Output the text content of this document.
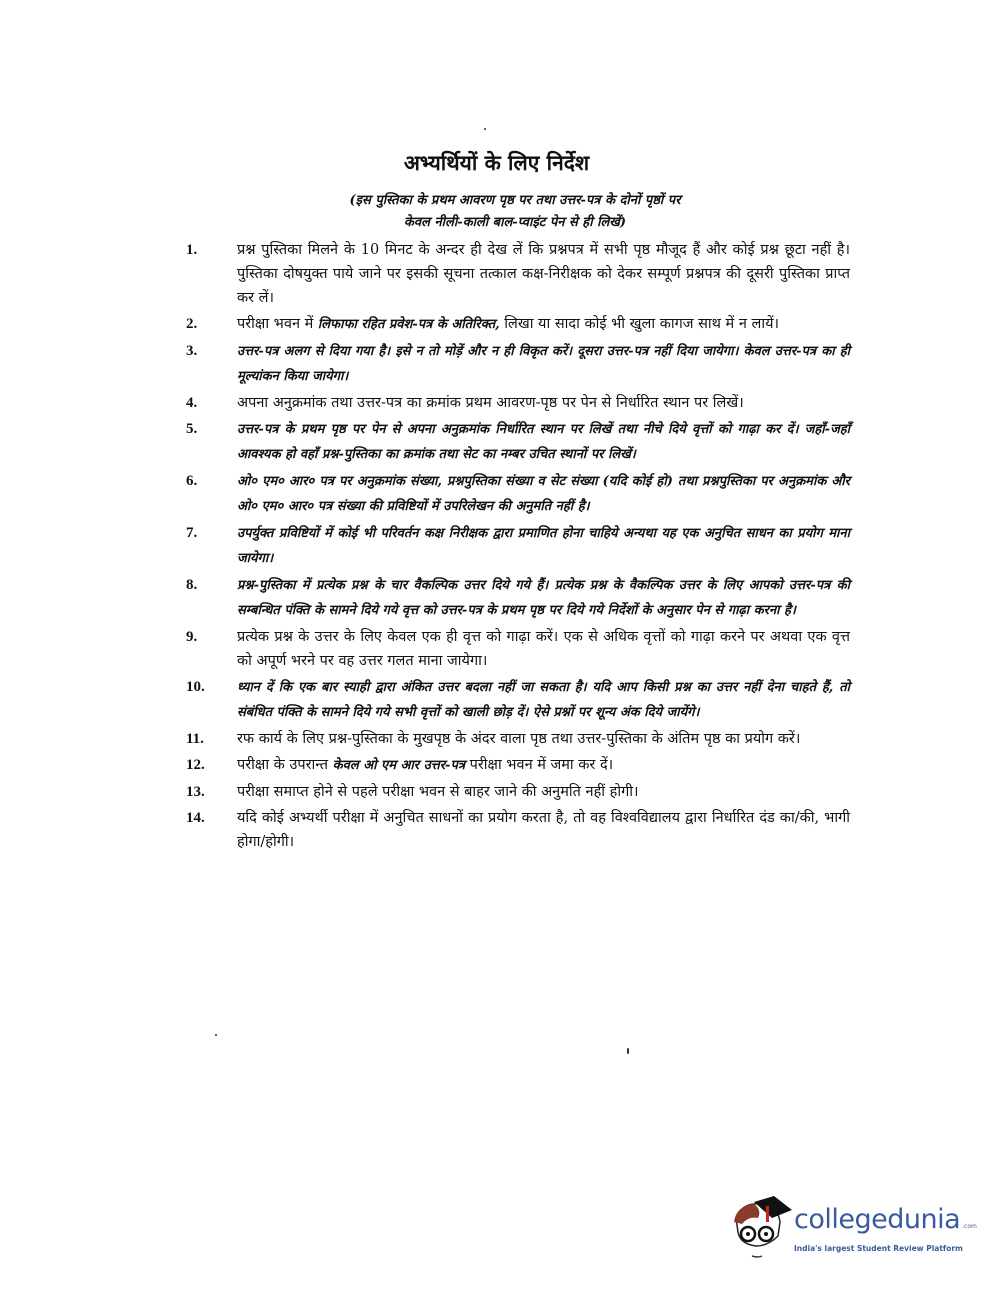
अभ्यर्थियों के लिए निर्देश
(इस पुस्तिका के प्रथम आवरण पृष्ठ पर तथा उत्तर-पत्र के दोनों पृष्ठों पर
केवल नीली-काली बाल-प्वाइंट पेन से ही लिखें)
1.	प्रश्न पुस्तिका मिलने के 10 मिनट के अन्दर ही देख लें कि प्रश्नपत्र में सभी पृष्ठ मौजूद हैं और कोई प्रश्न छूटा नहीं है। पुस्तिका दोषयुक्त पाये जाने पर इसकी सूचना तत्काल कक्ष-निरीक्षक को देकर सम्पूर्ण प्रश्नपत्र की दूसरी पुस्तिका प्राप्त कर लें।
2.	परीक्षा भवन में लिफाफा रहित प्रवेश-पत्र के अतिरिक्त, लिखा या सादा कोई भी खुला कागज साथ में न लायें।
3.	उत्तर-पत्र अलग से दिया गया है। इसे न तो मोड़ें और न ही विकृत करें। दूसरा उत्तर-पत्र नहीं दिया जायेगा। केवल उत्तर-पत्र का ही मूल्यांकन किया जायेगा।
4.	अपना अनुक्रमांक तथा उत्तर-पत्र का क्रमांक प्रथम आवरण-पृष्ठ पर पेन से निर्धारित स्थान पर लिखें।
5.	उत्तर-पत्र के प्रथम पृष्ठ पर पेन से अपना अनुक्रमांक निर्धारित स्थान पर लिखें तथा नीचे दिये वृत्तों को गाढ़ा कर दें। जहाँ-जहाँ आवश्यक हो वहाँ प्रश्न-पुस्तिका का क्रमांक तथा सेट का नम्बर उचित स्थानों पर लिखें।
6.	ओ० एम० आर० पत्र पर अनुक्रमांक संख्या, प्रश्नपुस्तिका संख्या व सेट संख्या (यदि कोई हो) तथा प्रश्नपुस्तिका पर अनुक्रमांक और ओ० एम० आर० पत्र संख्या की प्रविष्टियों में उपरिलेखन की अनुमति नहीं है।
7.	उपर्युक्त प्रविष्टियों में कोई भी परिवर्तन कक्ष निरीक्षक द्वारा प्रमाणित होना चाहिये अन्यथा यह एक अनुचित साधन का प्रयोग माना जायेगा।
8.	प्रश्न-पुस्तिका में प्रत्येक प्रश्न के चार वैकल्पिक उत्तर दिये गये हैं। प्रत्येक प्रश्न के वैकल्पिक उत्तर के लिए आपको उत्तर-पत्र की सम्बन्धित पंक्ति के सामने दिये गये वृत्त को उत्तर-पत्र के प्रथम पृष्ठ पर दिये गये निर्देशों के अनुसार पेन से गाढ़ा करना है।
9.	प्रत्येक प्रश्न के उत्तर के लिए केवल एक ही वृत्त को गाढ़ा करें। एक से अधिक वृत्तों को गाढ़ा करने पर अथवा एक वृत्त को अपूर्ण भरने पर वह उत्तर गलत माना जायेगा।
10. ध्यान दें कि एक बार स्याही द्वारा अंकित उत्तर बदला नहीं जा सकता है। यदि आप किसी प्रश्न का उत्तर नहीं देना चाहते हैं, तो संबंधित पंक्ति के सामने दिये गये सभी वृत्तों को खाली छोड़ दें। ऐसे प्रश्नों पर शून्य अंक दिये जायेंगे।
11. रफ कार्य के लिए प्रश्न-पुस्तिका के मुखपृष्ठ के अंदर वाला पृष्ठ तथा उत्तर-पुस्तिका के अंतिम पृष्ठ का प्रयोग करें।
12. परीक्षा के उपरान्त केवल ओ एम आर उत्तर-पत्र परीक्षा भवन में जमा कर दें।
13. परीक्षा समाप्त होने से पहले परीक्षा भवन से बाहर जाने की अनुमति नहीं होगी।
14. यदि कोई अभ्यर्थी परीक्षा में अनुचित साधनों का प्रयोग करता है, तो वह विश्वविद्यालय द्वारा निर्धारित दंड का/की, भागी होगा/होगी।
collegedunia .com
India's largest Student Review Platform
